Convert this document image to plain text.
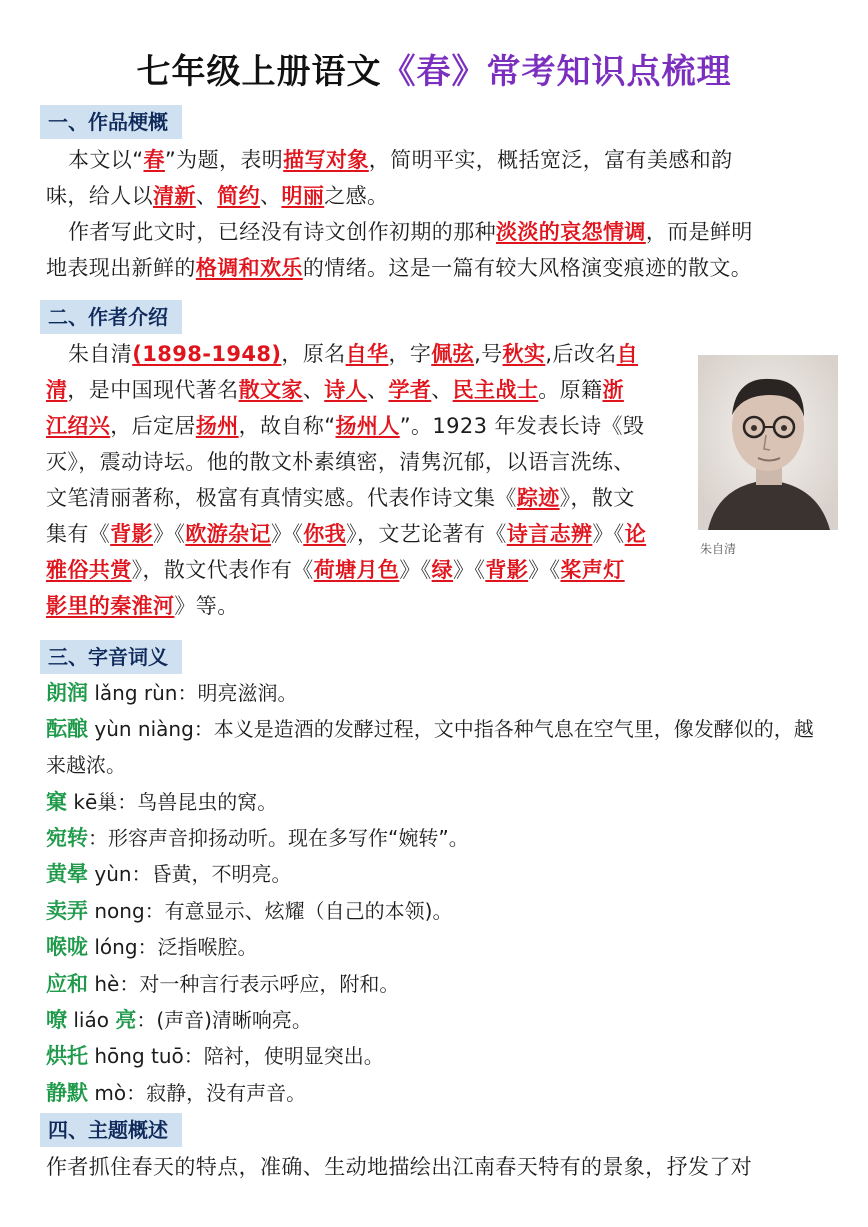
七年级上册语文《春》常考知识点梳理
一、作品梗概
本文以“春”为题，表明描写对象，简明平实，概括宽泛，富有美感和韵
味，给人以清新、简约、明丽之感。
作者写此文时，已经没有诗文创作初期的那种淡淡的哀怨情调，而是鲜明
地表现出新鲜的格调和欢乐的情绪。这是一篇有较大风格演变痕迹的散文。
二、作者介绍
朱自清(1898-1948)，原名自华，字佩弦,号秋实,后改名自
清，是中国现代著名散文家、诗人、学者、民主战士。原籍浙
江绍兴，后定居扬州，故自称“扬州人”。1923 年发表长诗《毁
灭》，震动诗坛。他的散文朴素缜密，清隽沉郁，以语言洗练、
文笔清丽著称，极富有真情实感。代表作诗文集《踪迹》，散文
集有《背影》《欧游杂记》《你我》，文艺论著有《诗言志辨》《论
雅俗共赏》，散文代表作有《荷塘月色》《绿》《背影》《桨声灯
影里的秦淮河》等。
朱自清
三、字音词义
朗润 lǎng rùn：明亮滋润。
酝酿 yùn niàng：本义是造酒的发酵过程，文中指各种气息在空气里，像发酵似的，越来越浓。
窠 kē巢：鸟兽昆虫的窝。
宛转：形容声音抑扬动听。现在多写作“婉转”。
黄晕 yùn：昏黄，不明亮。
卖弄 nong：有意显示、炫耀（自己的本领)。
喉咙 lóng：泛指喉腔。
应和 hè：对一种言行表示呼应，附和。
嘹 liáo 亮：(声音)清晰响亮。
烘托 hōng tuō：陪衬，使明显突出。
静默 mò：寂静，没有声音。
四、主题概述
作者抓住春天的特点，准确、生动地描绘出江南春天特有的景象，抒发了对
